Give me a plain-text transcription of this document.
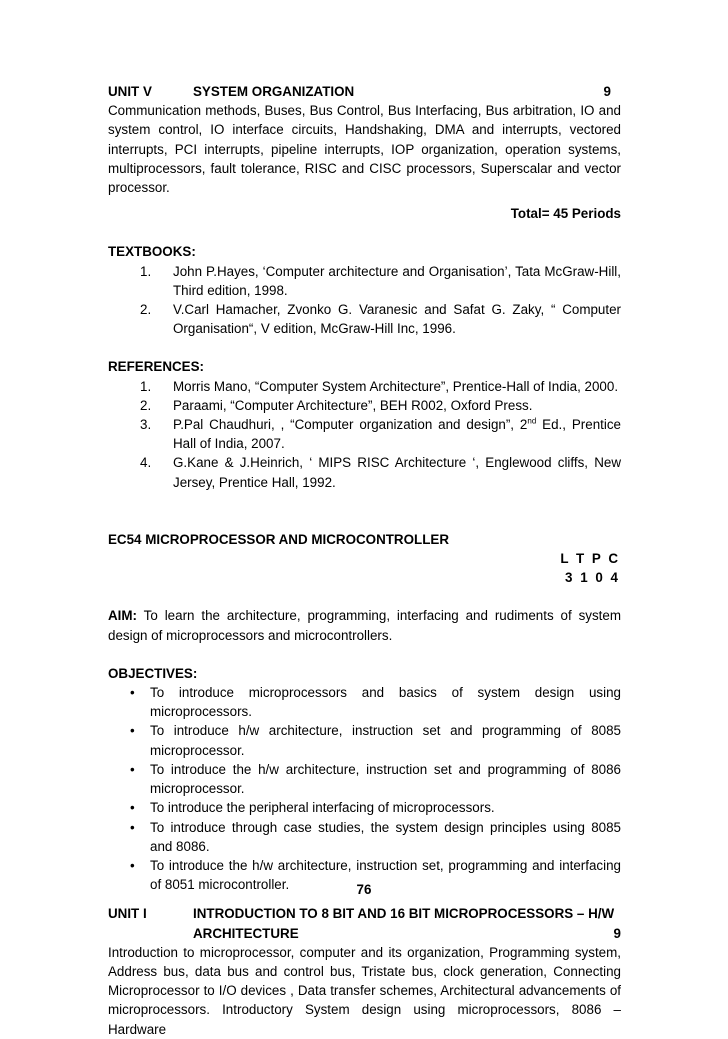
UNIT V	SYSTEM ORGANIZATION	9
Communication methods, Buses, Bus Control, Bus Interfacing, Bus arbitration, IO and system control, IO interface circuits, Handshaking, DMA and interrupts, vectored interrupts, PCI interrupts, pipeline interrupts, IOP organization, operation systems, multiprocessors, fault tolerance, RISC and CISC processors, Superscalar and vector processor.
Total= 45 Periods
TEXTBOOKS:
1.	John P.Hayes, ‘Computer architecture and Organisation’, Tata McGraw-Hill, Third edition, 1998.
2.	V.Carl Hamacher, Zvonko G. Varanesic and Safat G. Zaky, “ Computer Organisation“, V edition, McGraw-Hill Inc, 1996.
REFERENCES:
1.	Morris Mano, “Computer System Architecture”, Prentice-Hall of India, 2000.
2.	Paraami, “Computer Architecture”, BEH R002, Oxford Press.
3.	P.Pal Chaudhuri, , “Computer organization and design”, 2nd Ed., Prentice Hall of India, 2007.
4.	G.Kane & J.Heinrich, ‘ MIPS RISC Architecture ‘, Englewood cliffs, New Jersey, Prentice Hall, 1992.
EC54 MICROPROCESSOR AND MICROCONTROLLER
L T P C
3 1 0 4
AIM: To learn the architecture, programming, interfacing and rudiments of system design of microprocessors and microcontrollers.
OBJECTIVES:
•	To introduce microprocessors and basics of system design using microprocessors.
•	To introduce h/w architecture, instruction set and programming of 8085 microprocessor.
•	To introduce the h/w architecture, instruction set and programming of 8086 microprocessor.
•	To introduce the peripheral interfacing of microprocessors.
•	To introduce through case studies, the system design principles using 8085 and 8086.
•	To introduce the h/w architecture, instruction set, programming and interfacing of 8051 microcontroller.
UNIT I	INTRODUCTION TO 8 BIT AND 16 BIT MICROPROCESSORS – H/W
ARCHITECTURE	9
Introduction to microprocessor, computer and its organization, Programming system, Address bus, data bus and control bus, Tristate bus, clock generation, Connecting Microprocessor to I/O devices , Data transfer schemes, Architectural advancements of microprocessors. Introductory System design using microprocessors, 8086 – Hardware
76
